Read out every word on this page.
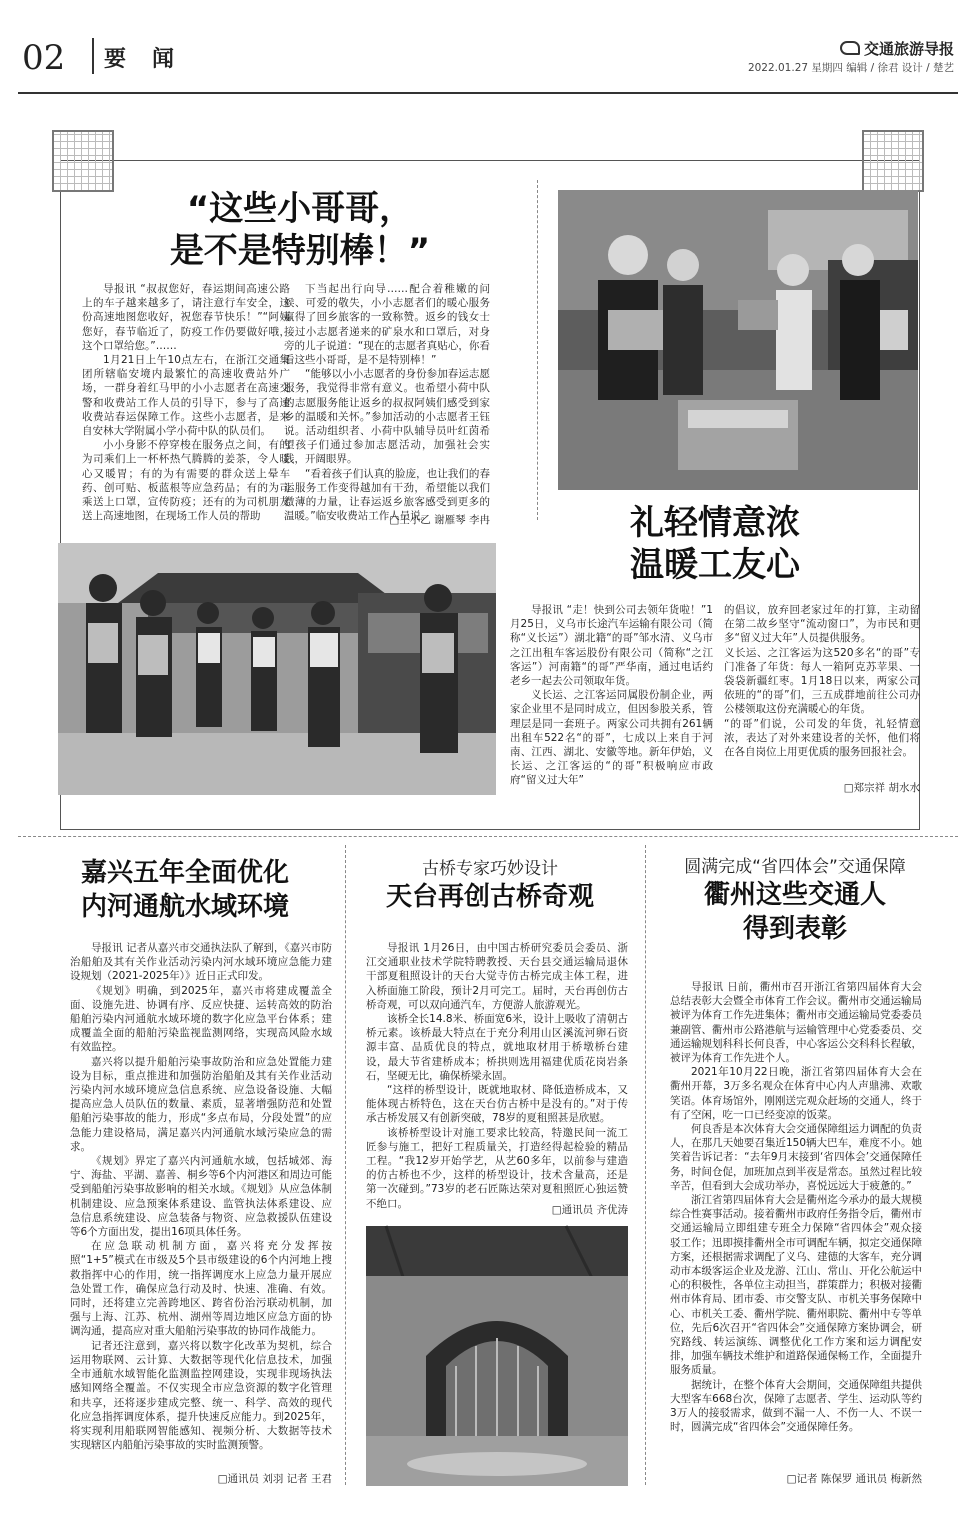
02 要闻	交通旅游导报
2022.01.27 星期四 编辑 / 徐君 设计 / 楚艺
“这些小哥哥，
是不是特别棒！”

导报讯 “叔叔您好，春运期间高速公路上的车子越来越多了，请注意行车安全，这份高速地图您收好，祝您春节快乐！”“阿姨您好，春节临近了，防疫工作仍要做好哦，这个口罩给您。”……

1月21日上午10点左右，在浙江交通集团所辖临安境内最繁忙的高速收费站外广场，一群身着红马甲的小小志愿者在高速交警和收费站工作人员的引导下，参与了高速收费站春运保障工作。这些小志愿者，是来自安林大学附属小学小荷中队的队员们。

小小身影不停穿梭在服务点之间，有的为司乘们上一杯杯热气腾腾的姜茶，令人暖心又暖胃；有的为有需要的群众送上晕车药、创可贴、板蓝根等应急药品；有的为司乘送上口罩，宣传防疫；还有的为司机朋友送上高速地图，在现场工作人员的帮助

下当起出行向导……配合着稚嫩的问候、可爱的敬失，小小志愿者们的暖心服务赢得了回乡旅客的一致称赞。返乡的钱女士接过小志愿者递来的矿泉水和口罩后，对身旁的儿子说道：“现在的志愿者真贴心，你看看这些小哥哥，是不是特别棒！”

“能够以小小志愿者的身份参加春运志愿服务，我觉得非常有意义。也希望小荷中队的志愿服务能让返乡的叔叔阿姨们感受到家乡的温暖和关怀。”参加活动的小志愿者王钰说。活动组织者、小荷中队辅导员叶红茵希望孩子们通过参加志愿活动，加强社会实践，开阔眼界。

“看着孩子们认真的脸庞，也让我们的春运服务工作变得越加有干劲，希望能以我们微薄的力量，让春运返乡旅客感受到更多的温暖。”临安收费站工作人员说。

□王小乙 谢雁琴 李冉	礼轻情意浓
温暖工友心

导报讯 “走！快到公司去领年货啦！”1月25日，义乌市长途汽车运输有限公司（简称“义长运”）湖北籍“的哥”邹水清、义乌市之江出租车客运股份有限公司（简称“之江客运”）河南籍“的哥”严华南，通过电话约老乡一起去公司领取年货。

义长运、之江客运同属股份制企业，两家企业里不是同时成立，但因参股关系，管理层是同一套班子。两家公司共拥有261辆出租车522名“的哥”，七成以上来自于河南、江西、湖北、安徽等地。新年伊始，义长运、之江客运的“的哥”积极响应市政府“留义过大年”

的倡议，放弃回老家过年的打算，主动留在第二故乡坚守“流动窗口”，为市民和更多“留义过大年”人员提供服务。

义长运、之江客运为这520多名“的哥”专门准备了年货：每人一箱阿克苏苹果、一袋袋新疆红枣。1月18日以来，两家公司依班的“的哥”们，三五成群地前往公司办公楼领取这份充满暖心的年货。

“的哥”们说，公司发的年货，礼轻情意浓，表达了对外来建设者的关怀，他们将在各自岗位上用更优质的服务回报社会。

□郑宗祥 胡水水
嘉兴五年全面优化
内河通航水域环境

导报讯 记者从嘉兴市交通执法队了解到，《嘉兴市防治船舶及其有关作业活动污染内河水域环境应急能力建设规划（2021-2025年）》近日正式印发。

《规划》明确，到2025年，嘉兴市将建成覆盖全面、设施先进、协调有序、反应快捷、运转高效的防治船舶污染内河通航水域环境的数字化应急平台体系；建成覆盖全面的船舶污染监视监测网络，实现高风险水域有效监控。

嘉兴将以提升船舶污染事故防治和应急处置能力建设为目标，重点推进和加强防治船舶及其有关作业活动污染内河水域环境应急信息系统、应急设备设施、大幅提高应急人员队伍的数量、素质，显著增强防范和处置船舶污染事故的能力，形成“多点布局，分段处置”的应急能力建设格局，满足嘉兴内河通航水域污染应急的需求。

《规划》界定了嘉兴内河通航水域，包括城郊、海宁、海盐、平湖、嘉善、桐乡等6个内河港区和周边可能受到船舶污染事故影响的相关水域。《规划》从应急体制机制建设、应急预案体系建设、监管执法体系建设、应急信息系统建设、应急装备与物资、应急救援队伍建设等6个方面出发，提出16项具体任务。

在应急联动机制方面，嘉兴将充分发挥按照“1+5”模式在市级及5个县市级建设的6个内河地上搜救指挥中心的作用，统一指挥调度水上应急力量开展应急处置工作，确保应急行动及时、快速、准确、有效。同时，还将建立完善跨地区、跨省份治污联动机制，加强与上海、江苏、杭州、湖州等周边地区应急方面的协调沟通，提高应对重大船舶污染事故的协同作战能力。

记者还注意到，嘉兴将以数字化改革为契机，综合运用物联网、云计算、大数据等现代化信息技术，加强全市通航水域智能化监测监控网建设，实现非现场执法感知网络全覆盖。不仅实现全市应急资源的数字化管理和共享，还将逐步建成完整、统一、科学、高效的现代化应急指挥调度体系，提升快速反应能力。到2025年，将实现利用船联网智能感知、视频分析、大数据等技术实现辖区内船舶污染事故的实时监测预警。

□通讯员 刘羽 记者 王君
古桥专家巧妙设计
天台再创古桥奇观

导报讯 1月26日，由中国古桥研究委员会委员、浙江交通职业技术学院特聘教授、天台县交通运输局退休干部夏租照设计的天台大觉寺仿古桥完成主体工程，进入桥面施工阶段，预计2月可完工。届时，天台再创仿古桥奇观，可以双向通汽车，方便游人旅游观光。

该桥全长14.8米、桥面宽6米，设计上吸收了清朝古桥元素。该桥最大特点在于充分利用山区溪流河卵石资源丰富、品质优良的特点，就地取材用于桥墩桥台建设，最大节省建桥成本；桥拱则选用福建优质花岗岩条石，坚硬无比，确保桥梁永固。

“这样的桥型设计，既就地取材、降低造桥成本，又能体现古桥特色，这在天台仿古桥中是没有的。”对于传承古桥发展又有创新突破，78岁的夏租照甚是欣慰。

该桥桥型设计对施工要求比较高，特邀民间一流工匠参与施工，把好工程质量关，打造经得起检验的精品工程。“我12岁开始学艺，从艺60多年，以前参与建造的仿古桥也不少，这样的桥型设计，技术含量高，还是第一次碰到。”73岁的老石匠陈达荣对夏租照匠心独运赞不绝口。

□通讯员 齐优涛
圆满完成“省四体会”交通保障
衢州这些交通人
得到表彰

导报讯 日前，衢州市召开浙江省第四届体育大会总结表彰大会暨全市体育工作会议。衢州市交通运输局被评为体育工作先进集体；衢州市交通运输局党委委员兼副管、衢州市公路港航与运输管理中心党委委员、交通运输规划科科长何良香，中心客运公交科科长程敏，被评为体育工作先进个人。

2021年10月22日晚，浙江省第四届体育大会在衢州开幕，3万多名观众在体育中心内人声鼎沸、欢歌笑语。体育场馆外，刚刚送完观众赶场的交通人，终于有了空闲，吃一口已经变凉的饭菜。

何良香是本次体育大会交通保障组运力调配的负责人，在那几天她要召集近150辆大巴车，难度不小。她笑着告诉记者：“去年9月末接到‘省四体会’交通保障任务，时间仓促，加班加点到半夜是常态。虽然过程比较辛苦，但看到大会成功举办，喜悦远远大于疲惫的。”

浙江省第四届体育大会是衢州迄今承办的最大规模综合性赛事活动。接着衢州市政府任务指令后，衢州市交通运输局立即组建专班全力保障“省四体会”观众接驳工作；迅即摸排衢州全市可调配车辆，拟定交通保障方案，还根据需求调配了义乌、建德的大客车，充分调动市本级客运企业及龙游、江山、常山、开化公航运中心的积极性，各单位主动担当，群策群力；积极对接衢州市体育局、团市委、市交警支队、市机关事务保障中心、市机关工委、衢州学院、衢州职院、衢州中专等单位，先后6次召开“省四体会”交通保障方案协调会，研究路线、转运演练、调整优化工作方案和运力调配安排，加强车辆技术维护和道路保通保畅工作，全面提升服务质量。

据统计，在整个体育大会期间，交通保障组共提供大型客车668台次，保障了志愿者、学生、运动队等约3万人的接驳需求，做到不漏一人、不伤一人、不误一时，圆满完成“省四体会”交通保障任务。

□记者 陈保罗 通讯员 梅新然
